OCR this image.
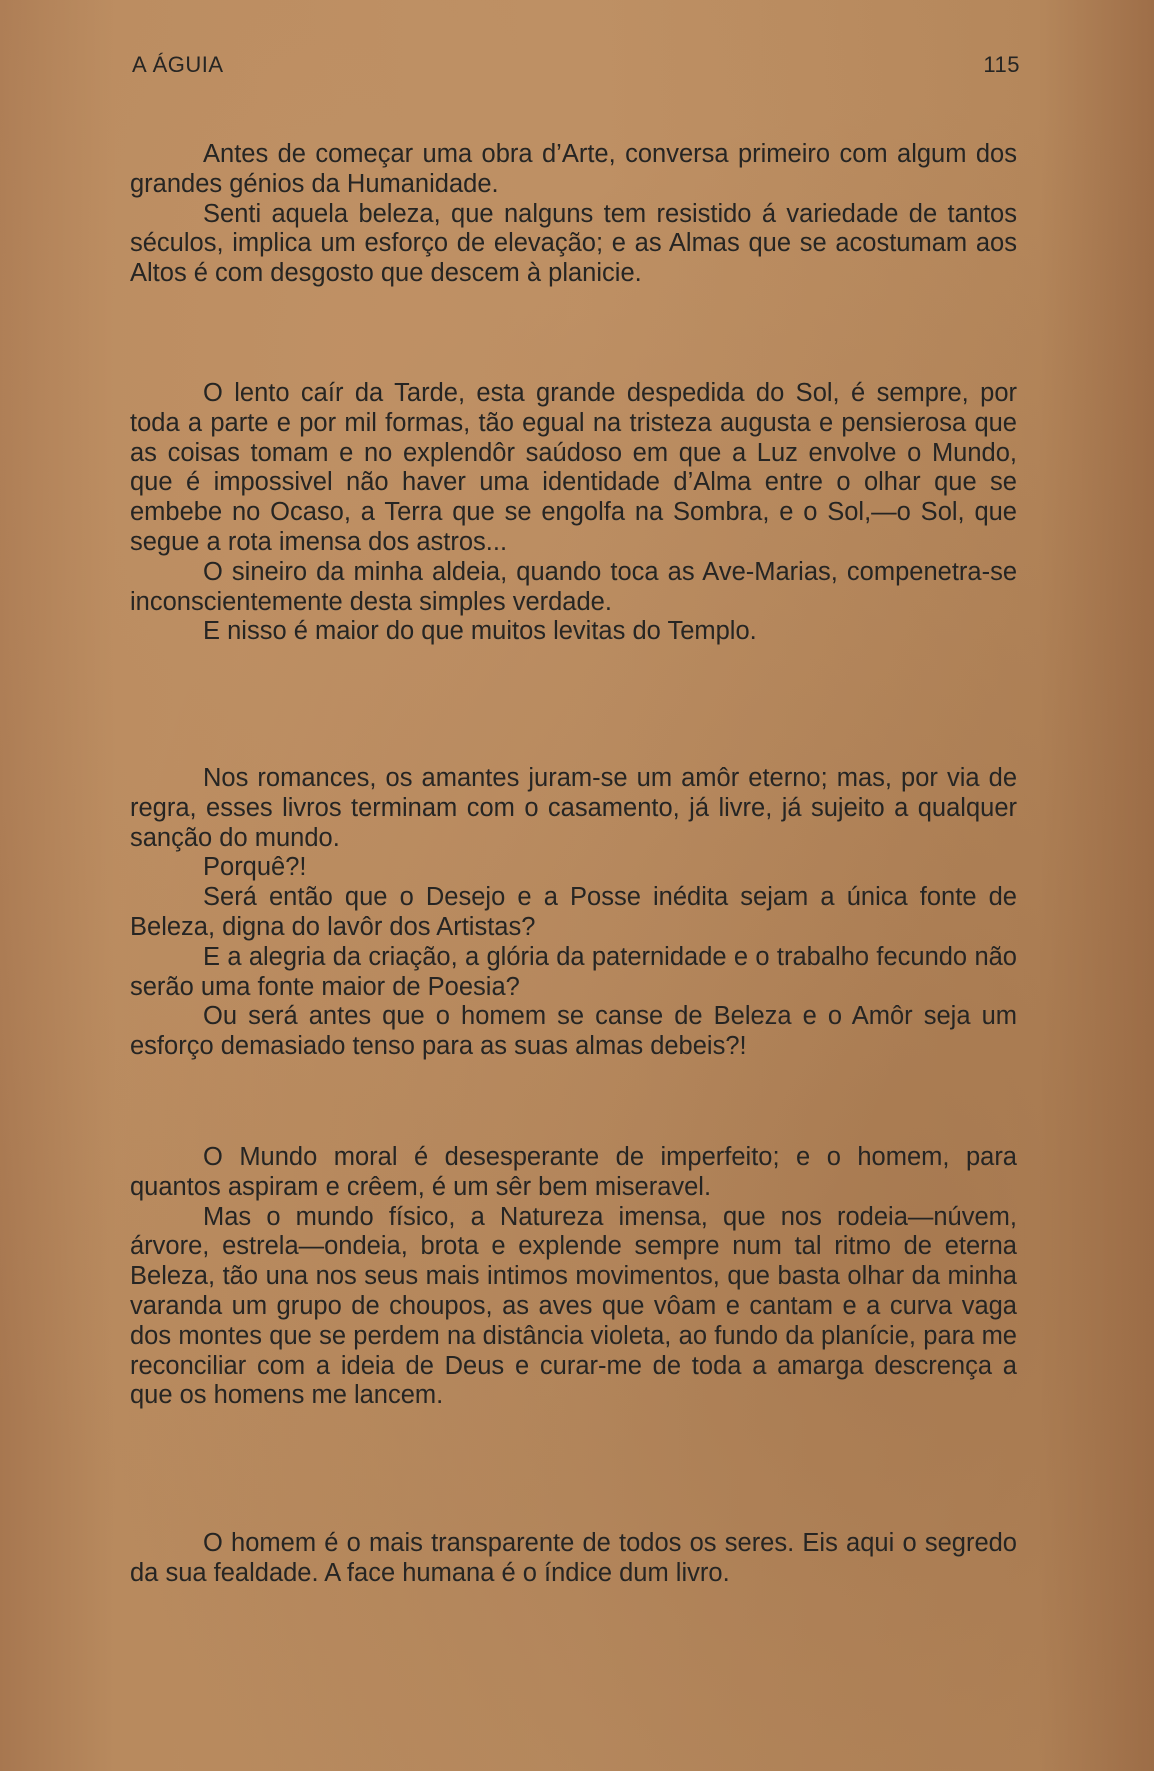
A ÁGUIA	115

Antes de começar uma obra d’Arte, conversa primeiro com algum dos grandes génios da Humanidade.

Senti aquela beleza, que nalguns tem resistido á variedade de tantos séculos, implica um esforço de elevação; e as Almas que se acostumam aos Altos é com desgosto que descem à planicie.

O lento caír da Tarde, esta grande despedida do Sol, é sempre, por toda a parte e por mil formas, tão egual na tristeza augusta e pensierosa que as coisas tomam e no explendôr saúdoso em que a Luz envolve o Mundo, que é impossivel não haver uma identidade d’Alma entre o olhar que se embebe no Ocaso, a Terra que se engolfa na Sombra, e o Sol,—o Sol, que segue a rota imensa dos astros...

O sineiro da minha aldeia, quando toca as Ave-Marias, compenetra-se inconscientemente desta simples verdade.

E nisso é maior do que muitos levitas do Templo.

Nos romances, os amantes juram-se um amôr eterno; mas, por via de regra, esses livros terminam com o casamento, já livre, já sujeito a qualquer sanção do mundo.

Porquê?!

Será então que o Desejo e a Posse inédita sejam a única fonte de Beleza, digna do lavôr dos Artistas?

E a alegria da criação, a glória da paternidade e o trabalho fecundo não serão uma fonte maior de Poesia?

Ou será antes que o homem se canse de Beleza e o Amôr seja um esforço demasiado tenso para as suas almas debeis?!

O Mundo moral é desesperante de imperfeito; e o homem, para quantos aspiram e crêem, é um sêr bem miseravel.

Mas o mundo físico, a Natureza imensa, que nos rodeia—núvem, árvore, estrela—ondeia, brota e explende sempre num tal ritmo de eterna Beleza, tão una nos seus mais intimos movimentos, que basta olhar da minha varanda um grupo de choupos, as aves que vôam e cantam e a curva vaga dos montes que se perdem na distância violeta, ao fundo da planície, para me reconciliar com a ideia de Deus e curar-me de toda a amarga descrença a que os homens me lancem.

O homem é o mais transparente de todos os seres. Eis aqui o segredo da sua fealdade. A face humana é o índice dum livro.
